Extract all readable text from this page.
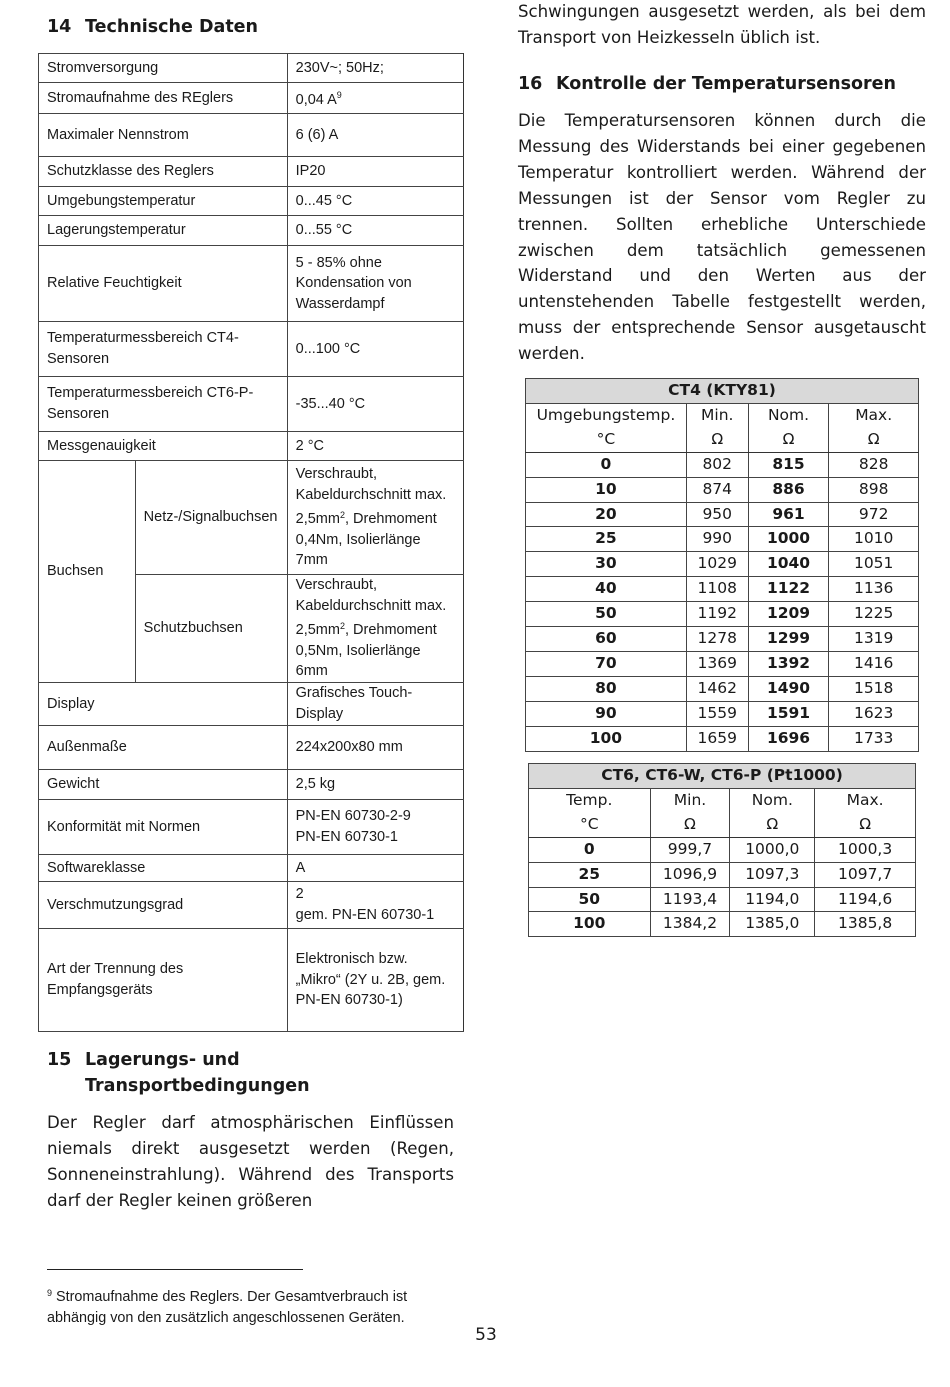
14 Technische Daten
Stromversorgung		230V~; 50Hz;
Stromaufnahme des REglers		0,04 A$^9$
Maximaler Nennstrom		6 (6) A
Schutzklasse des Reglers		IP20
Umgebungstemperatur		0...45 °C
Lagerungstemperatur		0...55 °C
Relative Feuchtigkeit		5 - 85% ohne Kondensation von Wasserdampf
Temperaturmessbereich CT4-Sensoren		0...100 °C
Temperaturmessbereich CT6-P-Sensoren		-35...40 °C
Messgenauigkeit		2 °C
Buchsen	Netz-/Signalbuchsen	Verschraubt, Kabeldurchschnitt max. $2,5mm^2$, Drehmoment 0,4Nm, Isolierlänge 7mm
	Schutzbuchsen	Verschraubt, Kabeldurchschnitt max. $2,5mm^2$, Drehmoment 0,5Nm, Isolierlänge 6mm
Display		Grafisches Touch-Display
Außenmaße		224x200x80 mm
Gewicht		2,5 kg
Konformität mit Normen		PN-EN 60730-2-9
PN-EN 60730-1

Softwareklasse		A
Verschmutzungsgrad		2
gem. PN-EN 60730-1

Art der Trennung des Empfangsgeräts		Elektronisch bzw. „Mikro“ (2Y u. 2B, gem. PN-EN 60730-1)
15 Lagerungs- und Transportbedingungen

Der Regler darf atmosphärischen Einflüssen niemals direkt ausgesetzt werden (Regen, Sonneneinstrahlung). Während des Transports darf der Regler keinen größeren

Schwingungen ausgesetzt werden, als bei dem Transport von Heizkesseln üblich ist.

16 Kontrolle der Temperatursensoren

Die Temperatursensoren können durch die Messung des Widerstands bei einer gegebenen Temperatur kontrolliert werden. Während der Messungen ist der Sensor vom Regler zu trennen. Sollten erhebliche Unterschiede zwischen dem tatsächlich gemessenen Widerstand und den Werten aus der untenstehenden Tabelle festgestellt werden, muss der entsprechende Sensor ausgetauscht werden.

CT4 (KTY81)			
Umgebungstemp.	Min.	Nom.	Max.
°C	Ω	Ω	Ω
0	802	815	828
10	874	886	898
20	950	961	972
25	990	1000	1010
30	1029	1040	1051
40	1108	1122	1136
50	1192	1209	1225
60	1278	1299	1319
70	1369	1392	1416
80	1462	1490	1518
90	1559	1591	1623
100	1659	1696	1733
CT6, CT6-W, CT6-P (Pt1000)			
Temp.	Min.	Nom.	Max.
°C	Ω	Ω	Ω
0	999,7	1000,0	1000,3
25	1096,9	1097,3	1097,7
50	1193,4	1194,0	1194,6
100	1384,2	1385,0	1385,8
$^9$ Stromaufnahme des Reglers. Der Gesamtverbrauch ist abhängig von den zusätzlich angeschlossenen Geräten.
53
